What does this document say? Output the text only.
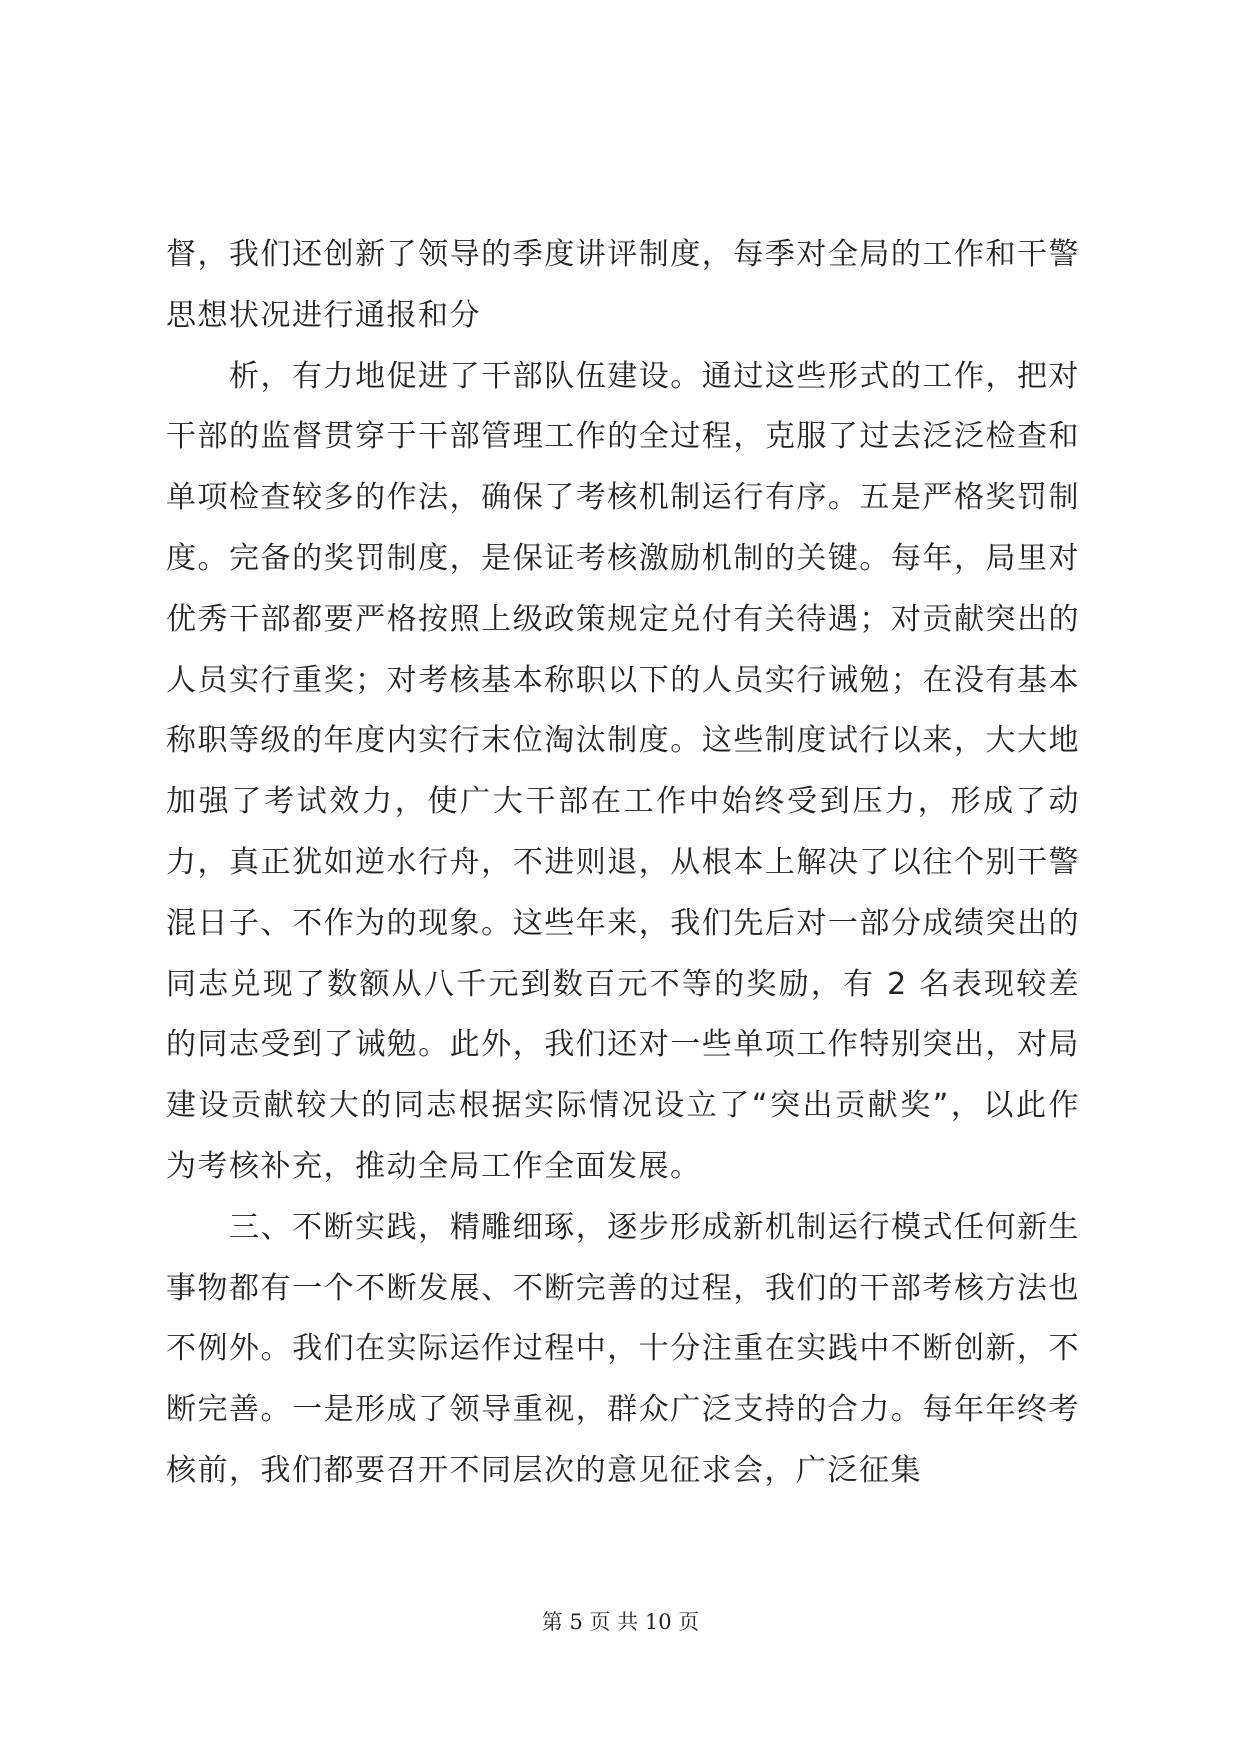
督，我们还创新了领导的季度讲评制度，每季对全局的工作和干警思想状况进行通报和分

析，有力地促进了干部队伍建设。通过这些形式的工作，把对干部的监督贯穿于干部管理工作的全过程，克服了过去泛泛检查和单项检查较多的作法，确保了考核机制运行有序。五是严格奖罚制度。完备的奖罚制度，是保证考核激励机制的关键。每年，局里对优秀干部都要严格按照上级政策规定兑付有关待遇；对贡献突出的人员实行重奖；对考核基本称职以下的人员实行诫勉；在没有基本称职等级的年度内实行末位淘汰制度。这些制度试行以来，大大地加强了考试效力，使广大干部在工作中始终受到压力，形成了动力，真正犹如逆水行舟，不进则退，从根本上解决了以往个别干警混日子、不作为的现象。这些年来，我们先后对一部分成绩突出的同志兑现了数额从八千元到数百元不等的奖励，有 2 名表现较差的同志受到了诫勉。此外，我们还对一些单项工作特别突出，对局建设贡献较大的同志根据实际情况设立了“突出贡献奖”，以此作为考核补充，推动全局工作全面发展。

三、不断实践，精雕细琢，逐步形成新机制运行模式任何新生事物都有一个不断发展、不断完善的过程，我们的干部考核方法也不例外。我们在实际运作过程中，十分注重在实践中不断创新，不断完善。一是形成了领导重视，群众广泛支持的合力。每年年终考核前，我们都要召开不同层次的意见征求会，广泛征集

第 5 页 共 10 页
